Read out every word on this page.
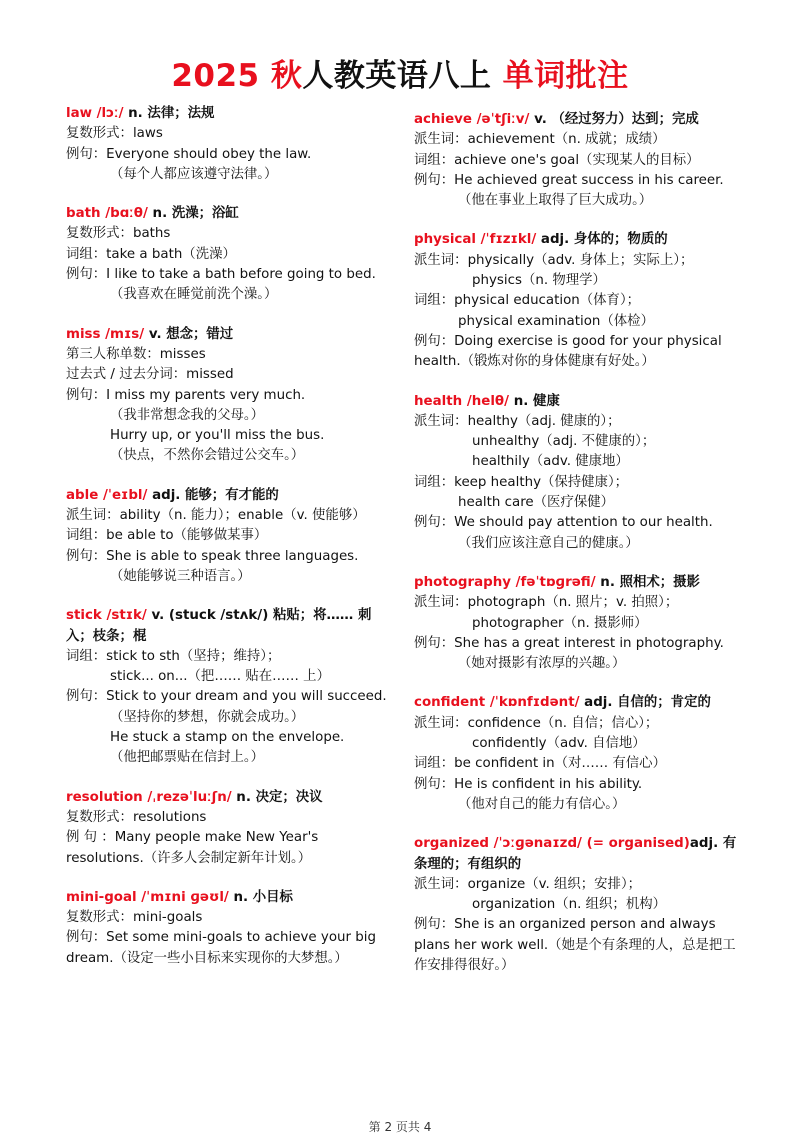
2025 秋人教英语八上 单词批注
law /lɔː/ n. 法律；法规
复数形式：laws
例句：Everyone should obey the law.
（每个人都应该遵守法律。）
bath /bɑːθ/ n. 洗澡；浴缸
复数形式：baths
词组：take a bath（洗澡）
例句：I like to take a bath before going to bed.
（我喜欢在睡觉前洗个澡。）
miss /mɪs/ v. 想念；错过
第三人称单数：misses
过去式 / 过去分词：missed
例句：I miss my parents very much.
（我非常想念我的父母。）
Hurry up, or you'll miss the bus.
（快点，不然你会错过公交车。）
able /ˈeɪbl/ adj. 能够；有才能的
派生词：ability（n. 能力）；enable（v. 使能够）
词组：be able to（能够做某事）
例句：She is able to speak three languages.
（她能够说三种语言。）
stick /stɪk/ v. (stuck /stʌk/) 粘贴；将…… 刺入；枝条；棍
词组：stick to sth（坚持；维持）；
stick... on...（把…… 贴在…… 上）
例句：Stick to your dream and you will succeed.
（坚持你的梦想，你就会成功。）
He stuck a stamp on the envelope.
（他把邮票贴在信封上。）
resolution /ˌrezəˈluːʃn/ n. 决定；决议
复数形式：resolutions
例 句 ：Many people make New Year's
resolutions.（许多人会制定新年计划。）
mini-goal /ˈmɪni ɡəʊl/ n. 小目标
复数形式：mini-goals
例句：Set some mini-goals to achieve your big
dream.（设定一些小目标来实现你的大梦想。）
achieve /əˈtʃiːv/ v. （经过努力）达到；完成
派生词：achievement（n. 成就；成绩）
词组：achieve one's goal（实现某人的目标）
例句：He achieved great success in his career.
（他在事业上取得了巨大成功。）
physical /ˈfɪzɪkl/ adj. 身体的；物质的
派生词：physically（adv. 身体上；实际上）；
physics（n. 物理学）
词组：physical education（体育）；
physical examination（体检）
例句：Doing exercise is good for your physical
health.（锻炼对你的身体健康有好处。）
health /helθ/ n. 健康
派生词：healthy（adj. 健康的）；
unhealthy（adj. 不健康的）；
healthily（adv. 健康地）
词组：keep healthy（保持健康）；
health care（医疗保健）
例句：We should pay attention to our health.
（我们应该注意自己的健康。）
photography /fəˈtɒɡrəfi/ n. 照相术；摄影
派生词：photograph（n. 照片；v. 拍照）；
photographer（n. 摄影师）
例句：She has a great interest in photography.
（她对摄影有浓厚的兴趣。）
confident /ˈkɒnfɪdənt/ adj. 自信的；肯定的
派生词：confidence（n. 自信；信心）；
confidently（adv. 自信地）
词组：be confident in（对…… 有信心）
例句：He is confident in his ability.
（他对自己的能力有信心。）
organized /ˈɔːɡənaɪzd/ (= organised)adj. 有条理的；有组织的
派生词：organize（v. 组织；安排）；
organization（n. 组织；机构）
例句：She is an organized person and always
plans her work well.（她是个有条理的人，总是把工作安排得很好。）
第 2 页共 4
